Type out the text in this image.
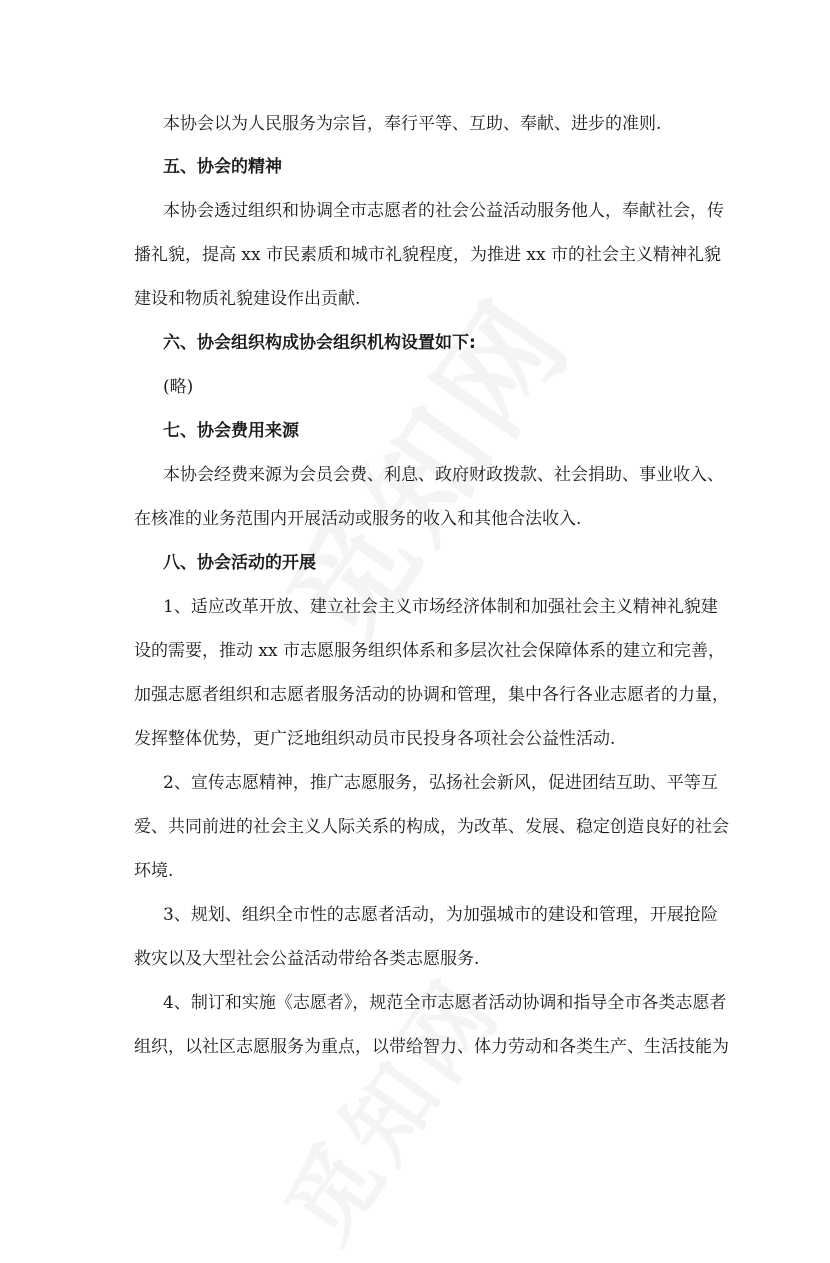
本协会以为人民服务为宗旨，奉行平等、互助、奉献、进步的准则.
五、协会的精神
本协会透过组织和协调全市志愿者的社会公益活动服务他人，奉献社会，传
播礼貌，提高 xx 市民素质和城市礼貌程度，为推进 xx 市的社会主义精神礼貌
建设和物质礼貌建设作出贡献.
六、协会组织构成协会组织机构设置如下:
(略)
七、协会费用来源
本协会经费来源为会员会费、利息、政府财政拨款、社会捐助、事业收入、
在核准的业务范围内开展活动或服务的收入和其他合法收入.
八、协会活动的开展
1、适应改革开放、建立社会主义市场经济体制和加强社会主义精神礼貌建
设的需要，推动 xx 市志愿服务组织体系和多层次社会保障体系的建立和完善，
加强志愿者组织和志愿者服务活动的协调和管理，集中各行各业志愿者的力量，
发挥整体优势，更广泛地组织动员市民投身各项社会公益性活动.
2、宣传志愿精神，推广志愿服务，弘扬社会新风，促进团结互助、平等互
爱、共同前进的社会主义人际关系的构成，为改革、发展、稳定创造良好的社会
环境.
3、规划、组织全市性的志愿者活动，为加强城市的建设和管理，开展抢险
救灾以及大型社会公益活动带给各类志愿服务.
4、制订和实施《志愿者》，规范全市志愿者活动协调和指导全市各类志愿者
组织，以社区志愿服务为重点，以带给智力、体力劳动和各类生产、生活技能为
